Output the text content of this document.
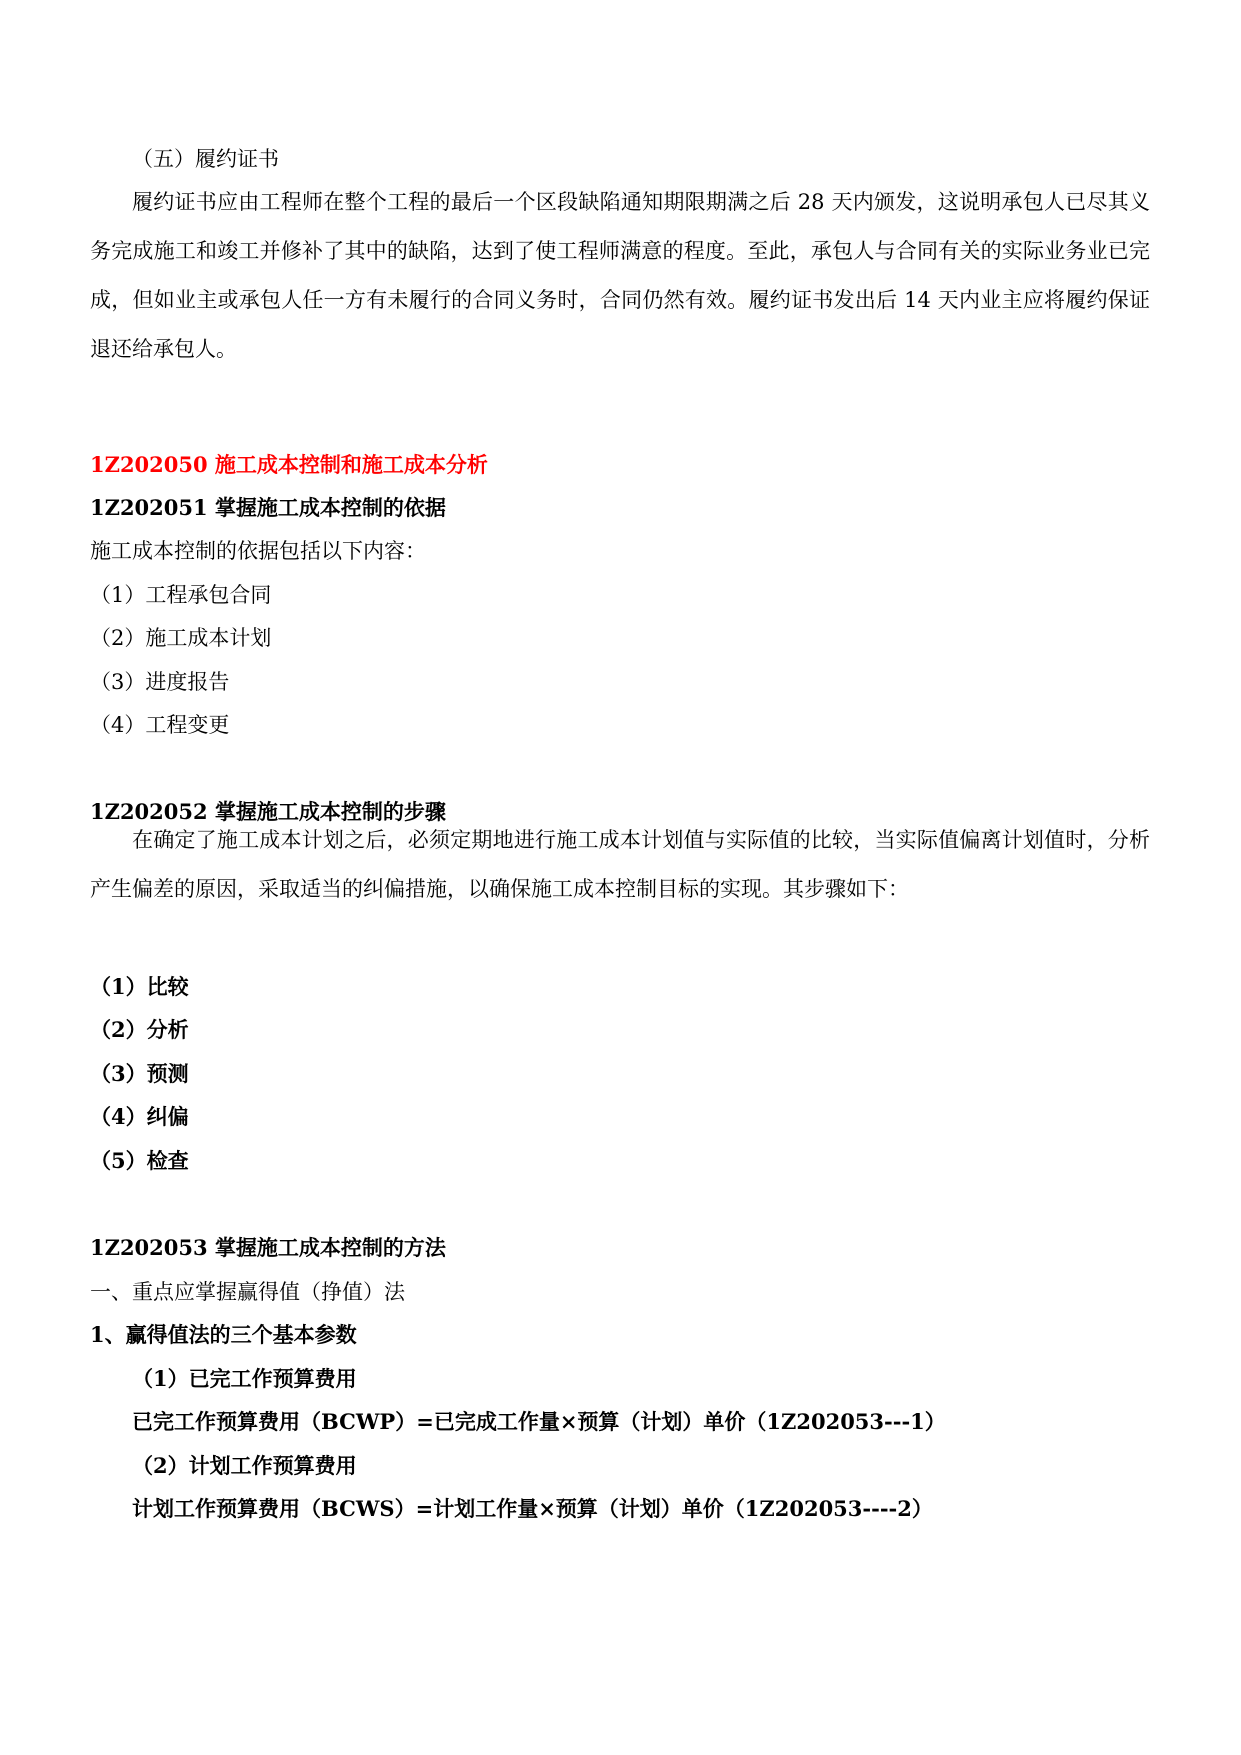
（五）履约证书
履约证书应由工程师在整个工程的最后一个区段缺陷通知期限期满之后 28 天内颁发，这说明承包人已尽其义务完成施工和竣工并修补了其中的缺陷，达到了使工程师满意的程度。至此，承包人与合同有关的实际业务业已完成，但如业主或承包人任一方有未履行的合同义务时，合同仍然有效。履约证书发出后 14 天内业主应将履约保证退还给承包人。
1Z202050 施工成本控制和施工成本分析
1Z202051 掌握施工成本控制的依据
施工成本控制的依据包括以下内容：
（1）工程承包合同
（2）施工成本计划
（3）进度报告
（4）工程变更
1Z202052 掌握施工成本控制的步骤
在确定了施工成本计划之后，必须定期地进行施工成本计划值与实际值的比较，当实际值偏离计划值时，分析产生偏差的原因，采取适当的纠偏措施，以确保施工成本控制目标的实现。其步骤如下：
（1）比较
（2）分析
（3）预测
（4）纠偏
（5）检查
1Z202053 掌握施工成本控制的方法
一、重点应掌握赢得值（挣值）法
1、赢得值法的三个基本参数
（1）已完工作预算费用
已完工作预算费用（BCWP）=已完成工作量×预算（计划）单价（1Z202053---1）
（2）计划工作预算费用
计划工作预算费用（BCWS）=计划工作量×预算（计划）单价（1Z202053----2）
